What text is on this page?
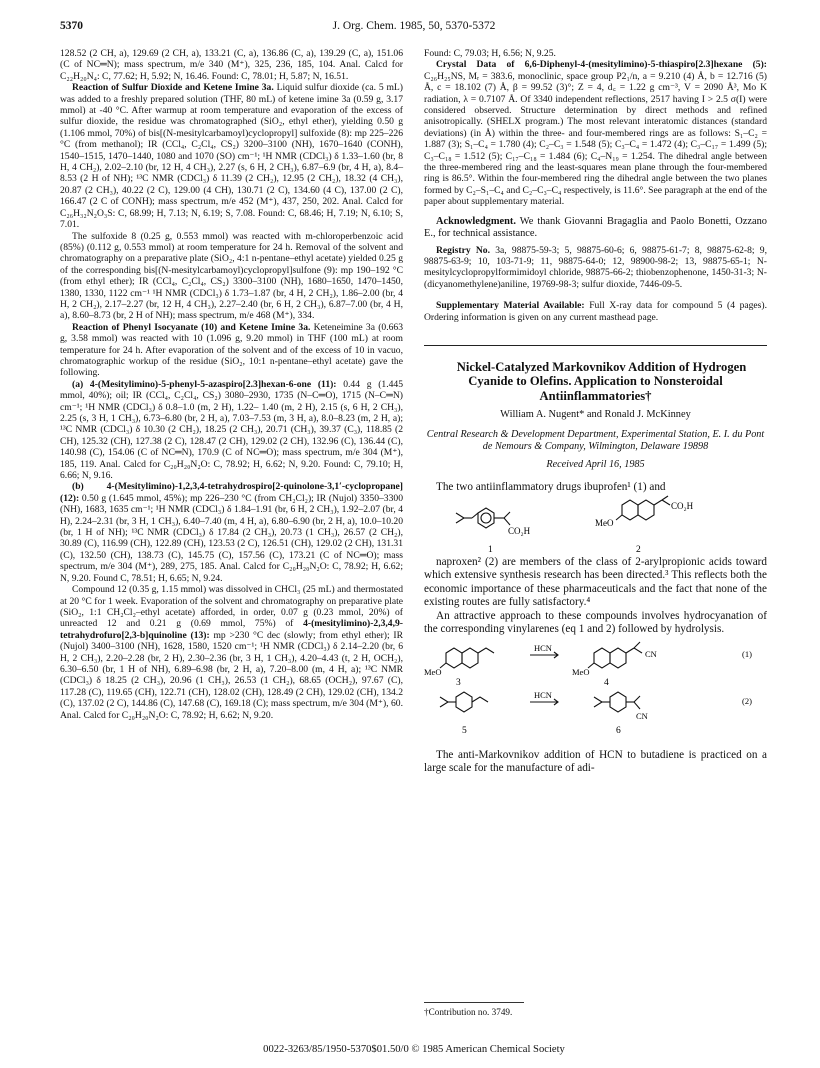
5370	J. Org. Chem. 1985, 50, 5370-5372

128.52 (2 CH, a), 129.69 (2 CH, a), 133.21 (C, a), 136.86 (C, a), 139.29 (C, a), 151.06 (C of NC═N); mass spectrum, m/e 340 (M⁺), 325, 236, 185, 104. Anal. Calcd for C₂₂H₂₀N₄: C, 77.62; H, 5.92; N, 16.46. Found: C, 78.01; H, 5.87; N, 16.51.

Reaction of Sulfur Dioxide and Ketene Imine 3a. Liquid sulfur dioxide (ca. 5 mL) was added to a freshly prepared solution (THF, 80 mL) of ketene imine 3a (0.59 g, 3.17 mmol) at -40 °C. After warmup at room temperature and evaporation of the excess of sulfur dioxide, the residue was chromatographed (SiO₂, ethyl ether), yielding 0.50 g (1.106 mmol, 70%) of bis[(N-mesitylcarbamoyl)cyclopropyl] sulfoxide (8): mp 225–226 °C (from methanol); IR (CCl₄, C₂Cl₄, CS₂) 3200–3100 (NH), 1670–1640 (CONH), 1540–1515, 1470–1440, 1080 and 1070 (SO) cm⁻¹; ¹H NMR (CDCl₃) δ 1.33–1.60 (br, 8 H, 4 CH₂), 2.02–2.10 (br, 12 H, 4 CH₃), 2.27 (s, 6 H, 2 CH₃), 6.87–6.9 (br, 4 H, a), 8.4–8.53 (2 H of NH); ¹³C NMR (CDCl₃) δ 11.39 (2 CH₂), 12.95 (2 CH₂), 18.32 (4 CH₃), 20.87 (2 CH₃), 40.22 (2 C), 129.00 (4 CH), 130.71 (2 C), 134.60 (4 C), 137.00 (2 C), 166.47 (2 C of CONH); mass spectrum, m/e 452 (M⁺), 437, 250, 202. Anal. Calcd for C₂₆H₃₂N₂O₃S: C, 68.99; H, 7.13; N, 6.19; S, 7.08. Found: C, 68.46; H, 7.19; N, 6.10; S, 7.01.

The sulfoxide 8 (0.25 g, 0.553 mmol) was reacted with m-chloroperbenzoic acid (85%) (0.112 g, 0.553 mmol) at room temperature for 24 h. Removal of the solvent and chromatography on a preparative plate (SiO₂, 4:1 n-pentane–ethyl acetate) yielded 0.25 g of the corresponding bis[(N-mesitylcarbamoyl)cyclopropyl]sulfone (9): mp 190–192 °C (from ethyl ether); IR (CCl₄, C₂Cl₄, CS₂) 3300–3100 (NH), 1680–1650, 1470–1450, 1380, 1330, 1122 cm⁻¹ ¹H NMR (CDCl₃) δ 1.73–1.87 (br, 4 H, 2 CH₂), 1.86–2.00 (br, 4 H, 2 CH₂), 2.17–2.27 (br, 12 H, 4 CH₃), 2.27–2.40 (br, 6 H, 2 CH₃), 6.87–7.00 (br, 4 H, a), 8.60–8.73 (br, 2 H of NH); mass spectrum, m/e 468 (M⁺), 334.

Reaction of Phenyl Isocyanate (10) and Ketene Imine 3a. Keteneimine 3a (0.663 g, 3.58 mmol) was reacted with 10 (1.096 g, 9.20 mmol) in THF (100 mL) at room temperature for 24 h. After evaporation of the solvent and of the excess of 10 in vacuo, chromatographic workup of the residue (SiO₂, 10:1 n-pentane–ethyl acetate) gave the following.

(a) 4-(Mesitylimino)-5-phenyl-5-azaspiro[2.3]hexan-6-one (11): 0.44 g (1.445 mmol, 40%); oil; IR (CCl₄, C₂Cl₄, CS₂) 3080–2930, 1735 (N–C═O), 1715 (N–C═N) cm⁻¹; ¹H NMR (CDCl₃) δ 0.8–1.0 (m, 2 H), 1.22– 1.40 (m, 2 H), 2.15 (s, 6 H, 2 CH₃), 2.25 (s, 3 H, 1 CH₃), 6.73–6.80 (br, 2 H, a), 7.03–7.53 (m, 3 H, a), 8.0–8.23 (m, 2 H, a); ¹³C NMR (CDCl₃) δ 10.30 (2 CH₂), 18.25 (2 CH₃), 20.71 (CH₃), 39.37 (C₃), 118.85 (2 CH), 125.32 (CH), 127.38 (2 C), 128.47 (2 CH), 129.02 (2 CH), 132.96 (C), 136.44 (C), 140.98 (C), 154.06 (C of NC═N), 170.9 (C of NC═O); mass spectrum, m/e 304 (M⁺), 185, 119. Anal. Calcd for C₂₀H₂₀N₂O: C, 78.92; H, 6.62; N, 9.20. Found: C, 79.10; H, 6.66; N, 9.16.

(b) 4-(Mesitylimino)-1,2,3,4-tetrahydrospiro[2-quinolone-3,1′-cyclopropane] (12): 0.50 g (1.645 mmol, 45%); mp 226–230 °C (from CH₂Cl₂); IR (Nujol) 3350–3300 (NH), 1683, 1635 cm⁻¹; ¹H NMR (CDCl₃) δ 1.84–1.91 (br, 6 H, 2 CH₃), 1.92–2.07 (br, 4 H), 2.24–2.31 (br, 3 H, 1 CH₃), 6.40–7.40 (m, 4 H, a), 6.80–6.90 (br, 2 H, a), 10.0–10.20 (br, 1 H of NH); ¹³C NMR (CDCl₃) δ 17.84 (2 CH₃), 20.73 (1 CH₃), 26.57 (2 CH₂), 30.89 (C), 116.99 (CH), 122.89 (CH), 123.53 (2 C), 126.51 (CH), 129.02 (2 CH), 131.31 (C), 132.50 (CH), 138.73 (C), 145.75 (C), 157.56 (C), 173.21 (C of NC═O); mass spectrum, m/e 304 (M⁺), 289, 275, 185. Anal. Calcd for C₂₀H₂₀N₂O: C, 78.92; H, 6.62; N, 9.20. Found C, 78.51; H, 6.65; N, 9.24.

Compound 12 (0.35 g, 1.15 mmol) was dissolved in CHCl₃ (25 mL) and thermostated at 20 °C for 1 week. Evaporation of the solvent and chromatography on preparative plate (SiO₂, 1:1 CH₂Cl₂–ethyl acetate) afforded, in order, 0.07 g (0.23 mmol, 20%) of unreacted 12 and 0.21 g (0.69 mmol, 75%) of 4-(mesitylimino)-2,3,4,9-tetrahydrofuro[2,3-b]quinoline (13): mp >230 °C dec (slowly; from ethyl ether); IR (Nujol) 3400–3100 (NH), 1628, 1580, 1520 cm⁻¹; ¹H NMR (CDCl₃) δ 2.14–2.20 (br, 6 H, 2 CH₃), 2.20–2.28 (br, 2 H), 2.30–2.36 (br, 3 H, 1 CH₃), 4.20–4.43 (t, 2 H, OCH₂), 6.30–6.50 (br, 1 H of NH), 6.89–6.98 (br, 2 H, a), 7.20–8.00 (m, 4 H, a); ¹³C NMR (CDCl₃) δ 18.25 (2 CH₃), 20.96 (1 CH₃), 26.53 (1 CH₂), 68.65 (OCH₂), 97.67 (C), 117.28 (C), 119.65 (CH), 122.71 (CH), 128.02 (CH), 128.49 (2 CH), 129.02 (CH), 134.2 (C), 137.02 (2 C), 144.86 (C), 147.68 (C), 169.18 (C); mass spectrum, m/e 304 (M⁺), 60. Anal. Calcd for C₂₀H₂₀N₂O: C, 78.92; H, 6.62; N, 9.20.

Found: C, 79.03; H, 6.56; N, 9.25.

Crystal Data of 6,6-Diphenyl-4-(mesitylimino)-5-thiaspiro[2.3]hexane (5): C₂₆H₂₅NS, Mᵣ = 383.6, monoclinic, space group P2₁/n, a = 9.210 (4) Å, b = 12.716 (5) Å, c = 18.102 (7) Å, β = 99.52 (3)°; Z = 4, d꜀ = 1.22 g cm⁻³, V = 2090 Å³, Mo K radiation, λ = 0.7107 Å. Of 3340 independent reflections, 2517 having I > 2.5 σ(I) were considered observed. Structure determination by direct methods and refined anisotropically. (SHELX program.) The most relevant interatomic distances (standard deviations) (in Å) within the three- and four-membered rings are as follows: S₁–C₂ = 1.887 (3); S₁–C₄ = 1.780 (4); C₂–C₃ = 1.548 (5); C₃–C₄ = 1.472 (4); C₃–C₁₇ = 1.499 (5); C₃–C₁₈ = 1.512 (5); C₁₇–C₁₈ = 1.484 (6); C₄–N₁₉ = 1.254. The dihedral angle between the three-membered ring and the least-squares mean plane through the four-membered ring is 86.5°. Within the four-membered ring the dihedral angle between the two planes formed by C₂–S₁–C₄ and C₂–C₃–C₄ respectively, is 11.6°. See paragraph at the end of the paper about supplementary material.

Acknowledgment. We thank Giovanni Bragaglia and Paolo Bonetti, Ozzano E., for technical assistance.

Registry No. 3a, 98875-59-3; 5, 98875-60-6; 6, 98875-61-7; 8, 98875-62-8; 9, 98875-63-9; 10, 103-71-9; 11, 98875-64-0; 12, 98900-98-2; 13, 98875-65-1; N-mesitylcyclopropylformimidoyl chloride, 98875-66-2; thiobenzophenone, 1450-31-3; N-(dicyanomethylene)aniline, 19769-98-3; sulfur dioxide, 7446-09-5.

Supplementary Material Available: Full X-ray data for compound 5 (4 pages). Ordering information is given on any current masthead page.

Nickel-Catalyzed Markovnikov Addition of Hydrogen Cyanide to Olefins. Application to Nonsteroidal Antiinflammatories†

William A. Nugent* and Ronald J. McKinney
Central Research & Development Department, Experimental Station, E. I. du Pont de Nemours & Company, Wilmington, Delaware 19898
Received April 16, 1985

The two antiinflammatory drugs ibuprofen¹ (1) and

CO₂H
1
CO₂H
MeO
2

naproxen² (2) are members of the class of 2-arylpropionic acids toward which extensive synthesis research has been directed.³ This reflects both the economic importance of these pharmaceuticals and the fact that none of the existing routes are fully satisfactory.⁴

An attractive approach to these compounds involves hydrocyanation of the corresponding vinylarenes (eq 1 and 2) followed by hydrolysis.

HCN
MeO	MeO
CN	(1)
3	4
HCN
CN
(2)
5	6

The anti-Markovnikov addition of HCN to butadiene is practiced on a large scale for the manufacture of adi-

†Contribution no. 3749.
0022-3263/85/1950-5370$01.50/0 © 1985 American Chemical Society
